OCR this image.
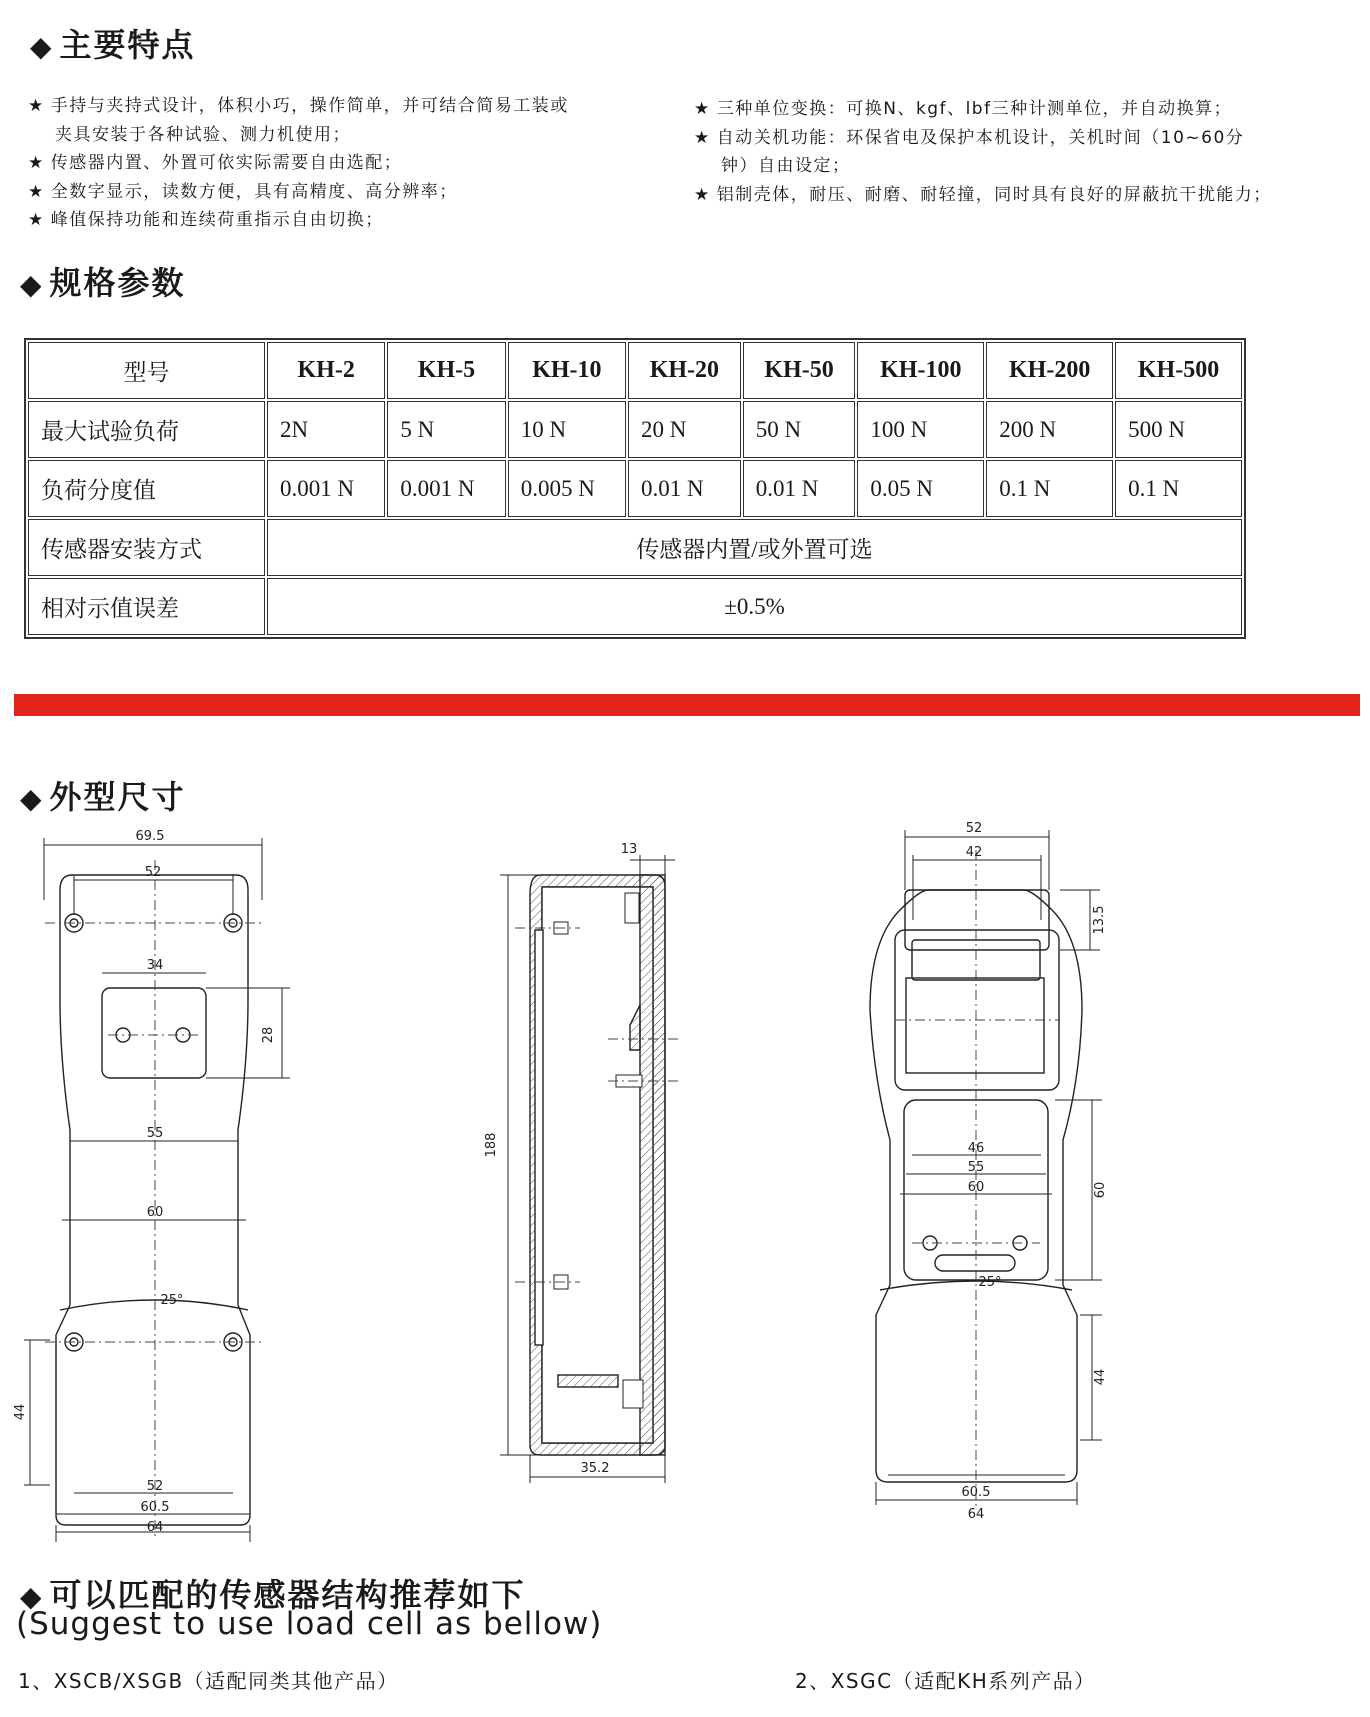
◆ 主要特点
★ 手持与夹持式设计，体积小巧，操作简单，并可结合简易工装或
夹具安装于各种试验、测力机使用；
★ 传感器内置、外置可依实际需要自由选配；
★ 全数字显示，读数方便，具有高精度、高分辨率；
★ 峰值保持功能和连续荷重指示自由切换；
★ 三种单位变换：可换N、kgf、lbf三种计测单位，并自动换算；
★ 自动关机功能：环保省电及保护本机设计，关机时间（10~60分
钟）自由设定；
★ 铝制壳体，耐压、耐磨、耐轻撞，同时具有良好的屏蔽抗干扰能力；
◆ 规格参数
型号	KH-2	KH-5	KH-10	KH-20	KH-50	KH-100	KH-200	KH-500
最大试验负荷	2N	5 N	10 N	20 N	50 N	100 N	200 N	500 N
负荷分度值	0.001 N	0.001 N	0.005 N	0.01 N	0.01 N	0.05 N	0.1 N	0.1 N
传感器安装方式	传感器内置/或外置可选							
相对示值误差	±0.5%							
◆ 外型尺寸
69.5
52
34
28
55
60
25°
44
52
60.5
64
188
35.2
13
52
42
13.5
46
55
60	60
25°
44
60.5
64
◆ 可以匹配的传感器结构推荐如下
(Suggest to use load cell as bellow)
1、XSCB/XSGB（适配同类其他产品）	2、XSGC（适配KH系列产品）
